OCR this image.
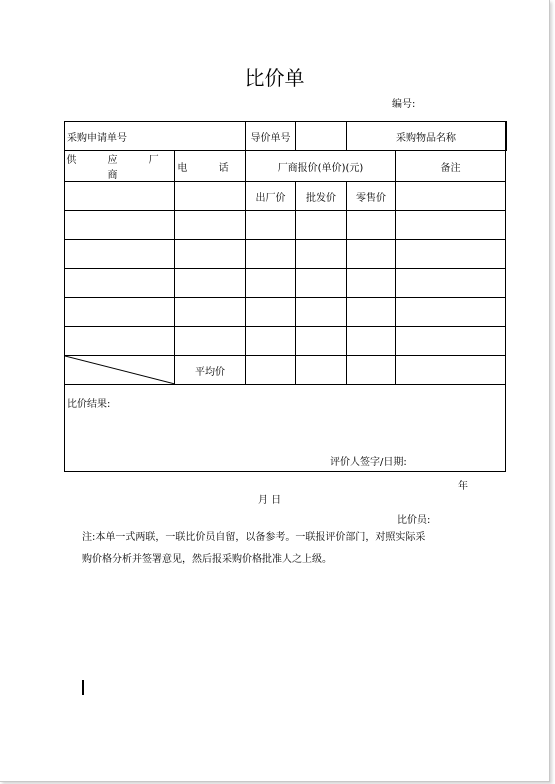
比价单
编号:
采购申请单号		导价单号		采购物品名称		
供 应 厂 商	电 话	厂商报价(单价)(元)			备注	
		出厂价	批发价	零售价		

	平均价					

比价结果:
评价人签字/日期:						
年
月 日
比价员:
注:本单一式两联，一联比价员自留，以备参考。一联报评价部门，对照实际采
购价格分析并签署意见，然后报采购价格批准人之上级。
